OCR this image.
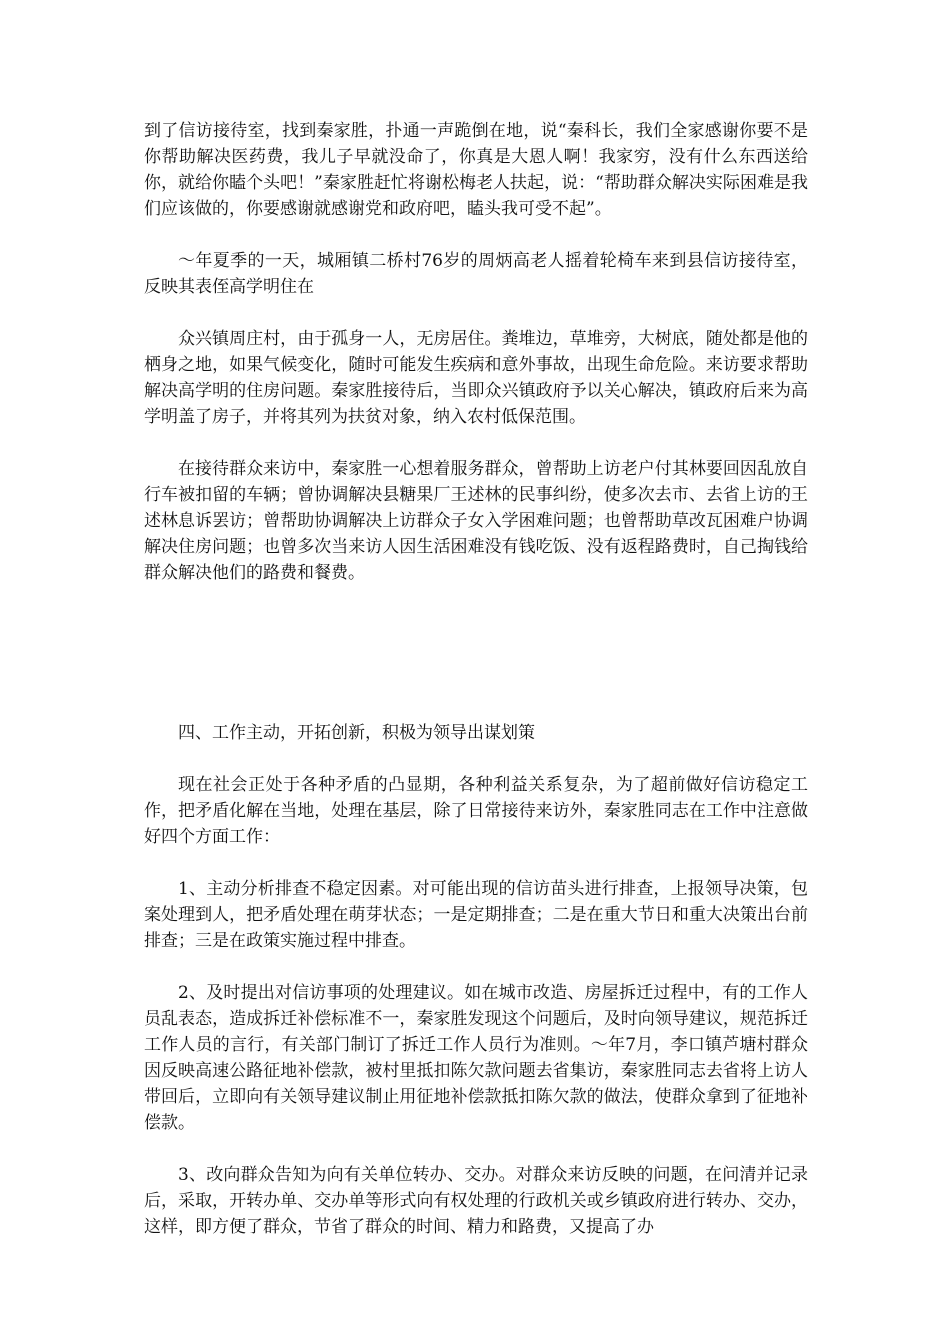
到了信访接待室，找到秦家胜，扑通一声跪倒在地，说“秦科长，我们全家感谢你要不是你帮助解决医药费，我儿子早就没命了，你真是大恩人啊！我家穷，没有什么东西送给你，就给你瞌个头吧！”秦家胜赶忙将谢松梅老人扶起，说：“帮助群众解决实际困难是我们应该做的，你要感谢就感谢党和政府吧，瞌头我可受不起”。

～年夏季的一天，城厢镇二桥村76岁的周炳高老人摇着轮椅车来到县信访接待室，反映其表侄高学明住在

众兴镇周庄村，由于孤身一人，无房居住。粪堆边，草堆旁，大树底，随处都是他的栖身之地，如果气候变化，随时可能发生疾病和意外事故，出现生命危险。来访要求帮助解决高学明的住房问题。秦家胜接待后，当即众兴镇政府予以关心解决，镇政府后来为高学明盖了房子，并将其列为扶贫对象，纳入农村低保范围。

在接待群众来访中，秦家胜一心想着服务群众，曾帮助上访老户付其林要回因乱放自行车被扣留的车辆；曾协调解决县糖果厂王述林的民事纠纷，使多次去市、去省上访的王述林息诉罢访；曾帮助协调解决上访群众子女入学困难问题；也曾帮助草改瓦困难户协调解决住房问题；也曾多次当来访人因生活困难没有钱吃饭、没有返程路费时，自己掏钱给群众解决他们的路费和餐费。

四、工作主动，开拓创新，积极为领导出谋划策

现在社会正处于各种矛盾的凸显期，各种利益关系复杂，为了超前做好信访稳定工作，把矛盾化解在当地，处理在基层，除了日常接待来访外，秦家胜同志在工作中注意做好四个方面工作：

1、主动分析排查不稳定因素。对可能出现的信访苗头进行排查，上报领导决策，包案处理到人，把矛盾处理在萌芽状态；一是定期排查；二是在重大节日和重大决策出台前排查；三是在政策实施过程中排查。

2、及时提出对信访事项的处理建议。如在城市改造、房屋拆迁过程中，有的工作人员乱表态，造成拆迁补偿标准不一，秦家胜发现这个问题后，及时向领导建议，规范拆迁工作人员的言行，有关部门制订了拆迁工作人员行为准则。～年7月，李口镇芦塘村群众因反映高速公路征地补偿款，被村里抵扣陈欠款问题去省集访，秦家胜同志去省将上访人带回后，立即向有关领导建议制止用征地补偿款抵扣陈欠款的做法，使群众拿到了征地补偿款。

3、改向群众告知为向有关单位转办、交办。对群众来访反映的问题，在问清并记录后，采取，开转办单、交办单等形式向有权处理的行政机关或乡镇政府进行转办、交办，这样，即方便了群众，节省了群众的时间、精力和路费，又提高了办
